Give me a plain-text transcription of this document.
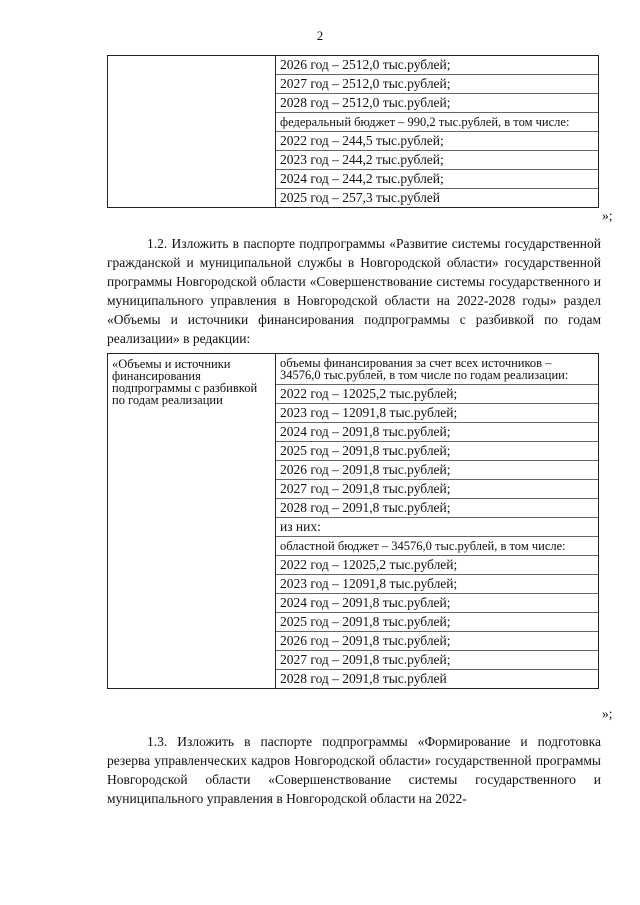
2

2026 год – 2512,0 тыс.рублей;
2027 год – 2512,0 тыс.рублей;
2028 год – 2512,0 тыс.рублей;
федеральный бюджет – 990,2 тыс.рублей, в том числе:
2022 год – 244,5 тыс.рублей;
2023 год – 244,2 тыс.рублей;
2024 год – 244,2 тыс.рублей;
2025 год – 257,3 тыс.рублей
»;
1.2. Изложить в паспорте подпрограммы «Развитие системы государственной гражданской и муниципальной службы в Новгородской области» государственной программы Новгородской области «Совершенствование системы государственного и муниципального управления в Новгородской области на 2022-2028 годы» раздел «Объемы и источники финансирования подпрограммы с разбивкой по годам реализации» в редакции:
«Объемы и источники финансирования подпрограммы с разбивкой по годам реализации

объемы финансирования за счет всех источников – 34576,0 тыс.рублей, в том числе по годам реализации:
2022 год – 12025,2 тыс.рублей;
2023 год – 12091,8 тыс.рублей;
2024 год – 2091,8 тыс.рублей;
2025 год – 2091,8 тыс.рублей;
2026 год – 2091,8 тыс.рублей;
2027 год – 2091,8 тыс.рублей;
2028 год – 2091,8 тыс.рублей;
из них:
областной бюджет – 34576,0 тыс.рублей, в том числе:
2022 год – 12025,2 тыс.рублей;
2023 год – 12091,8 тыс.рублей;
2024 год – 2091,8 тыс.рублей;
2025 год – 2091,8 тыс.рублей;
2026 год – 2091,8 тыс.рублей;
2027 год – 2091,8 тыс.рублей;
2028 год – 2091,8 тыс.рублей
»;
1.3. Изложить в паспорте подпрограммы «Формирование и подготовка резерва управленческих кадров Новгородской области» государственной программы Новгородской области «Совершенствование системы государственного и муниципального управления в Новгородской области на 2022-
